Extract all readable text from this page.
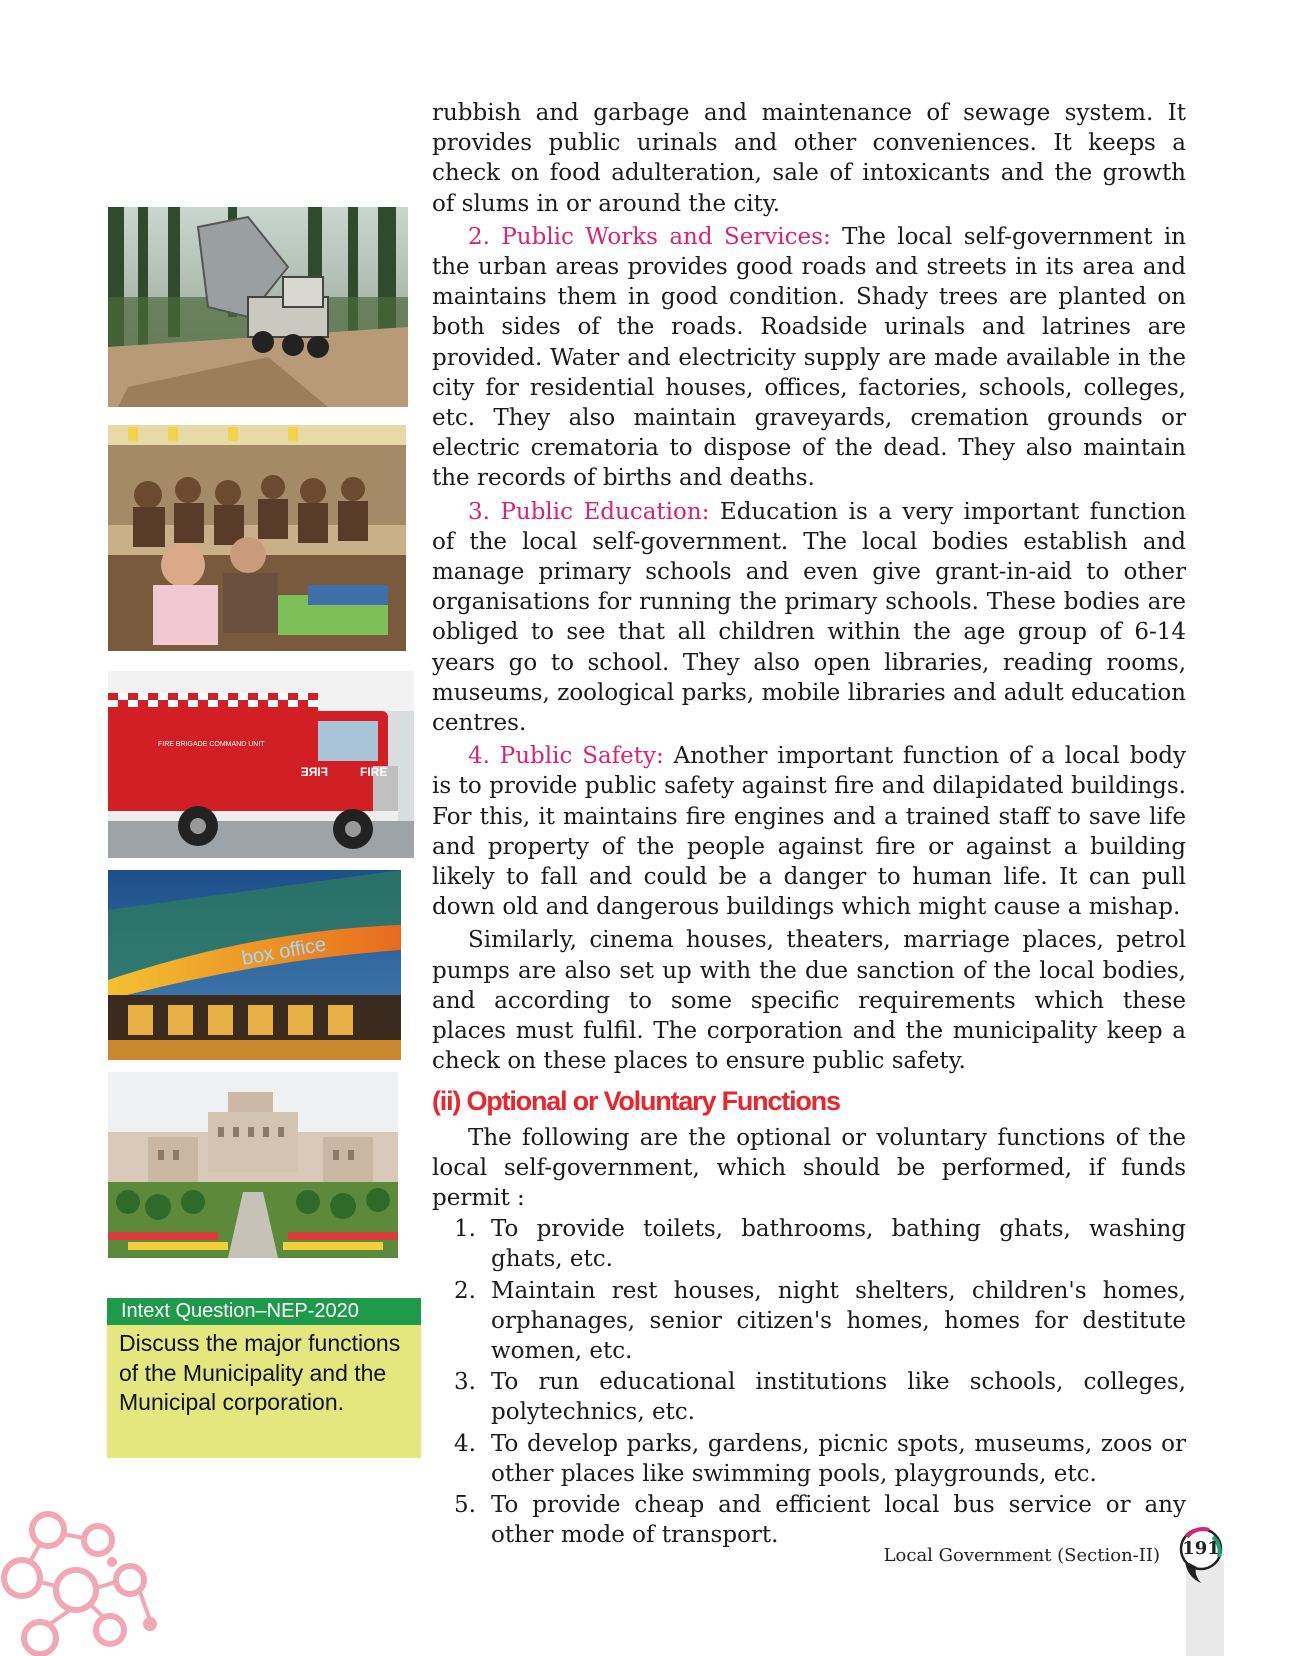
FIRE BRIGADE COMMAND UNIT
FIRE	FIRE
box office
Intext Question–NEP-2020
Discuss the major functions of the Municipality and the Municipal corporation.

rubbish and garbage and maintenance of sewage system. It provides public urinals and other conveniences. It keeps a check on food adulteration, sale of intoxicants and the growth of slums in or around the city.

2. Public Works and Services: The local self-government in the urban areas provides good roads and streets in its area and maintains them in good condition. Shady trees are planted on both sides of the roads. Roadside urinals and latrines are provided. Water and electricity supply are made available in the city for residential houses, offices, factories, schools, colleges, etc. They also maintain graveyards, cremation grounds or electric crematoria to dispose of the dead. They also maintain the records of births and deaths.

3. Public Education: Education is a very important function of the local self-government. The local bodies establish and manage primary schools and even give grant-in-aid to other organisations for running the primary schools. These bodies are obliged to see that all children within the age group of 6-14 years go to school. They also open libraries, reading rooms, museums, zoological parks, mobile libraries and adult education centres.

4. Public Safety: Another important function of a local body is to provide public safety against fire and dilapidated buildings. For this, it maintains fire engines and a trained staff to save life and property of the people against fire or against a building likely to fall and could be a danger to human life. It can pull down old and dangerous buildings which might cause a mishap.

Similarly, cinema houses, theaters, marriage places, petrol pumps are also set up with the due sanction of the local bodies, and according to some specific requirements which these places must fulfil. The corporation and the municipality keep a check on these places to ensure public safety.

(ii) Optional or Voluntary Functions

The following are the optional or voluntary functions of the local self-government, which should be performed, if funds permit :

1. To provide toilets, bathrooms, bathing ghats, washing ghats, etc.
2. Maintain rest houses, night shelters, children's homes, orphanages, senior citizen's homes, homes for destitute women, etc.
3. To run educational institutions like schools, colleges, polytechnics, etc.
4. To develop parks, gardens, picnic spots, museums, zoos or other places like swimming pools, playgrounds, etc.
5. To provide cheap and efficient local bus service or any other mode of transport.
Local Government (Section-II) 191
